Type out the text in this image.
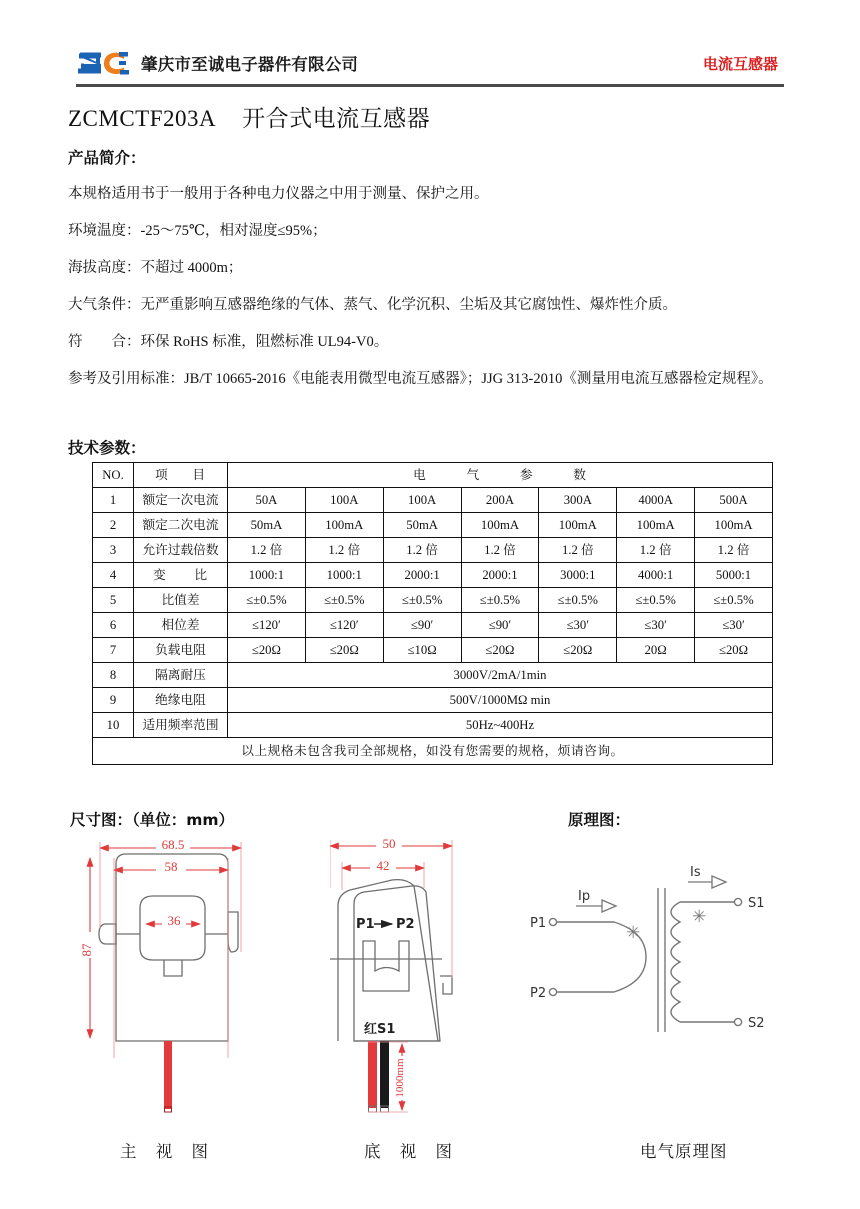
肇庆市至诚电子器件有限公司	电流互感器
ZCMCTF203A 开合式电流互感器
产品简介：
本规格适用书于一般用于各种电力仪器之中用于测量、保护之用。
环境温度：-25～75℃，相对湿度≤95%；
海拔高度：不超过 4000m；
大气条件：无严重影响互感器绝缘的气体、蒸气、化学沉积、尘垢及其它腐蚀性、爆炸性介质。
符　　合：环保 RoHS 标准，阻燃标准 UL94-V0。
参考及引用标准：JB/T 10665-2016《电能表用微型电流互感器》；JJG 313-2010《测量用电流互感器检定规程》。
技术参数：
NO.	项　目	电　气　参　数						
1	额定一次电流	50A	100A	100A	200A	300A	4000A	500A
2	额定二次电流	50mA	100mA	50mA	100mA	100mA	100mA	100mA
3	允许过载倍数	1.2 倍	1.2 倍	1.2 倍	1.2 倍	1.2 倍	1.2 倍	1.2 倍
4	变　比	1000:1	1000:1	2000:1	2000:1	3000:1	4000:1	5000:1
5	比值差	≤±0.5%	≤±0.5%	≤±0.5%	≤±0.5%	≤±0.5%	≤±0.5%	≤±0.5%
6	相位差	≤120′	≤120′	≤90′	≤90′	≤30′	≤30′	≤30′
7	负载电阻	≤20Ω	≤20Ω	≤10Ω	≤20Ω	≤20Ω	20Ω	≤20Ω
8	隔离耐压	3000V/2mA/1min						
9	绝缘电阻	500V/1000MΩ min						
10	适用频率范围	50Hz~400Hz						
以上规格未包含我司全部规格，如没有您需要的规格，烦请咨询。								
尺寸图：（单位：mm）	原理图：
68.5
58
36
87
P1 P2
红S1
50
42
1000mm
✳
✳
P1
P2
S1
S2
Ip
Is
主 视 图	底 视 图	电气原理图
